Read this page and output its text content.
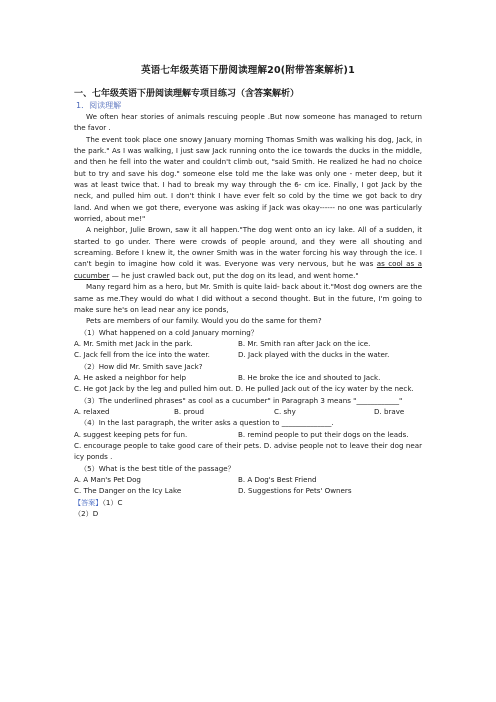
英语七年级英语下册阅读理解20(附带答案解析)1
一、七年级英语下册阅读理解专项目练习（含答案解析）
1．阅读理解

We often hear stories of animals rescuing people .But now someone has managed to return the favor .

The event took place one snowy January morning Thomas Smith was walking his dog, Jack, in the park." As I was walking, I just saw Jack running onto the ice towards the ducks in the middle, and then he fell into the water and couldn't climb out, "said Smith. He realized he had no choice but to try and save his dog." someone else told me the lake was only one - meter deep, but it was at least twice that. I had to break my way through the 6- cm ice. Finally, I got Jack by the neck, and pulled him out. I don't think I have ever felt so cold by the time we got back to dry land. And when we got there, everyone was asking if Jack was okay------ no one was particularly worried, about me!"

A neighbor, Julie Brown, saw it all happen."The dog went onto an icy lake. All of a sudden, it started to go under. There were crowds of people around, and they were all shouting and screaming. Before I knew it, the owner Smith was in the water forcing his way through the ice. I can't begin to imagine how cold it was. Everyone was very nervous, but he was as cool as a cucumber — he just crawled back out, put the dog on its lead, and went home."

Many regard him as a hero, but Mr. Smith is quite laid- back about it."Most dog owners are the same as me.They would do what I did without a second thought. But in the future, I'm going to make sure he's on lead near any ice ponds,

Pets are members of our family. Would you do the same for them?

（1）What happened on a cold January morning？

A. Mr. Smith met Jack in the park.	B. Mr. Smith ran after Jack on the ice.

C. Jack fell from the ice into the water.	D. Jack played with the ducks in the water.

（2）How did Mr. Smith save Jack?

A. He asked a neighbor for help	B. He broke the ice and shouted to Jack.

C. He got Jack by the leg and pulled him out. D. He pulled Jack out of the icy water by the neck.

（3）The underlined phrases" as cool as a cucumber" in Paragraph 3 means "____________"

A. relaxed	B. proud	C. shy	D. brave

（4）In the last paragraph, the writer asks a question to ______________.

A. suggest keeping pets for fun.	B. remind people to put their dogs on the leads.

C. encourage people to take good care of their pets. D. advise people not to leave their dog near icy ponds .

（5）What is the best title of the passage？

A. A Man's Pet Dog	B. A Dog's Best Friend

C. The Danger on the Icy Lake	D. Suggestions for Pets' Owners

【答案】（1）C

（2）D
